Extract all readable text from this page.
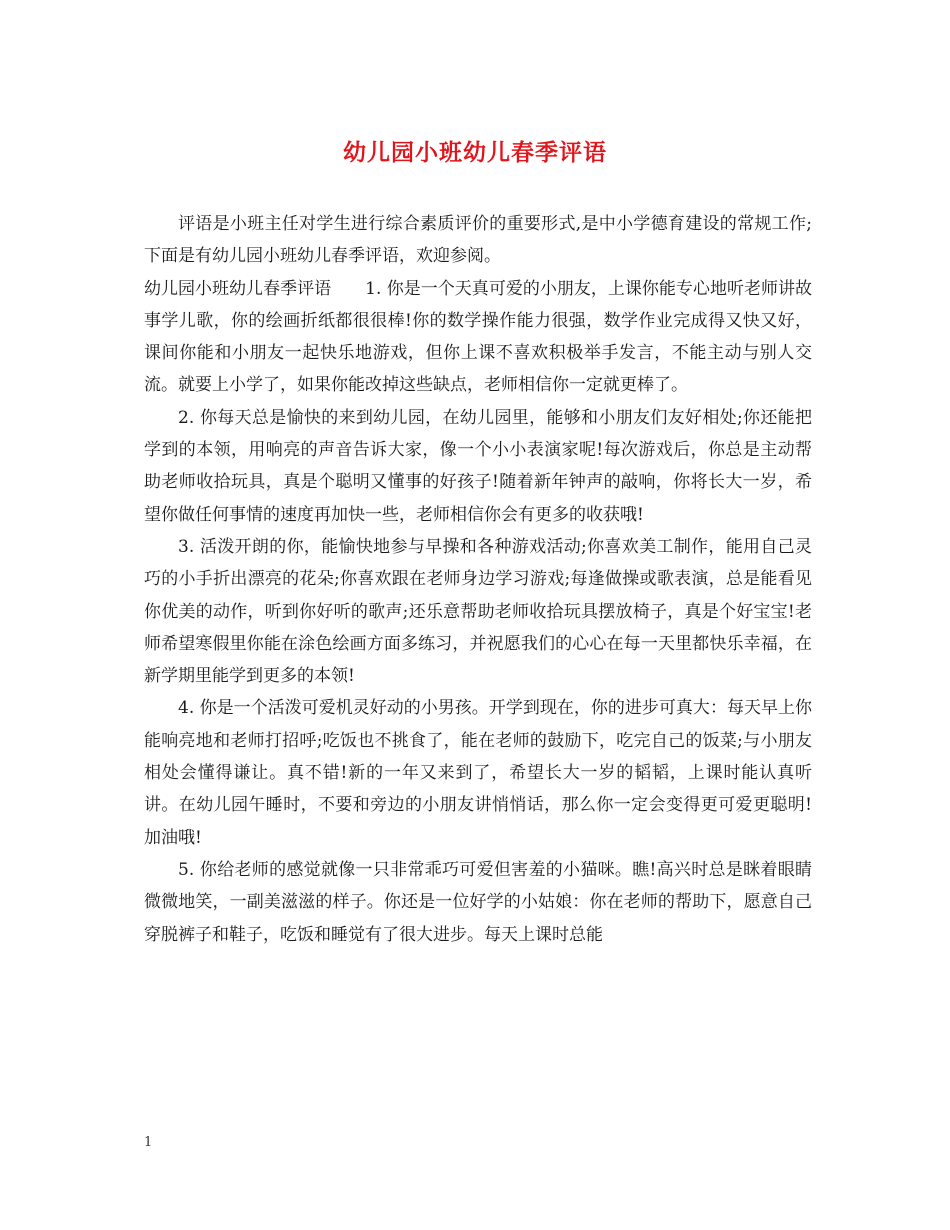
幼儿园小班幼儿春季评语

评语是小班主任对学生进行综合素质评价的重要形式,是中小学德育建设的常规工作;下面是有幼儿园小班幼儿春季评语，欢迎参阅。

幼儿园小班幼儿春季评语　　1. 你是一个天真可爱的小朋友，上课你能专心地听老师讲故事学儿歌，你的绘画折纸都很很棒!你的数学操作能力很强，数学作业完成得又快又好，课间你能和小朋友一起快乐地游戏，但你上课不喜欢积极举手发言，不能主动与别人交流。就要上小学了，如果你能改掉这些缺点，老师相信你一定就更棒了。

2. 你每天总是愉快的来到幼儿园，在幼儿园里，能够和小朋友们友好相处;你还能把学到的本领，用响亮的声音告诉大家，像一个小小表演家呢!每次游戏后，你总是主动帮助老师收拾玩具，真是个聪明又懂事的好孩子!随着新年钟声的敲响，你将长大一岁，希望你做任何事情的速度再加快一些，老师相信你会有更多的收获哦!

3. 活泼开朗的你，能愉快地参与早操和各种游戏活动;你喜欢美工制作，能用自己灵巧的小手折出漂亮的花朵;你喜欢跟在老师身边学习游戏;每逢做操或歌表演，总是能看见你优美的动作，听到你好听的歌声;还乐意帮助老师收拾玩具摆放椅子，真是个好宝宝!老师希望寒假里你能在涂色绘画方面多练习，并祝愿我们的心心在每一天里都快乐幸福，在新学期里能学到更多的本领!

4. 你是一个活泼可爱机灵好动的小男孩。开学到现在，你的进步可真大：每天早上你能响亮地和老师打招呼;吃饭也不挑食了，能在老师的鼓励下，吃完自己的饭菜;与小朋友相处会懂得谦让。真不错!新的一年又来到了，希望长大一岁的韬韬，上课时能认真听讲。在幼儿园午睡时，不要和旁边的小朋友讲悄悄话，那么你一定会变得更可爱更聪明!加油哦!

5. 你给老师的感觉就像一只非常乖巧可爱但害羞的小猫咪。瞧!高兴时总是眯着眼睛微微地笑，一副美滋滋的样子。你还是一位好学的小姑娘：你在老师的帮助下，愿意自己穿脱裤子和鞋子，吃饭和睡觉有了很大进步。每天上课时总能

1
